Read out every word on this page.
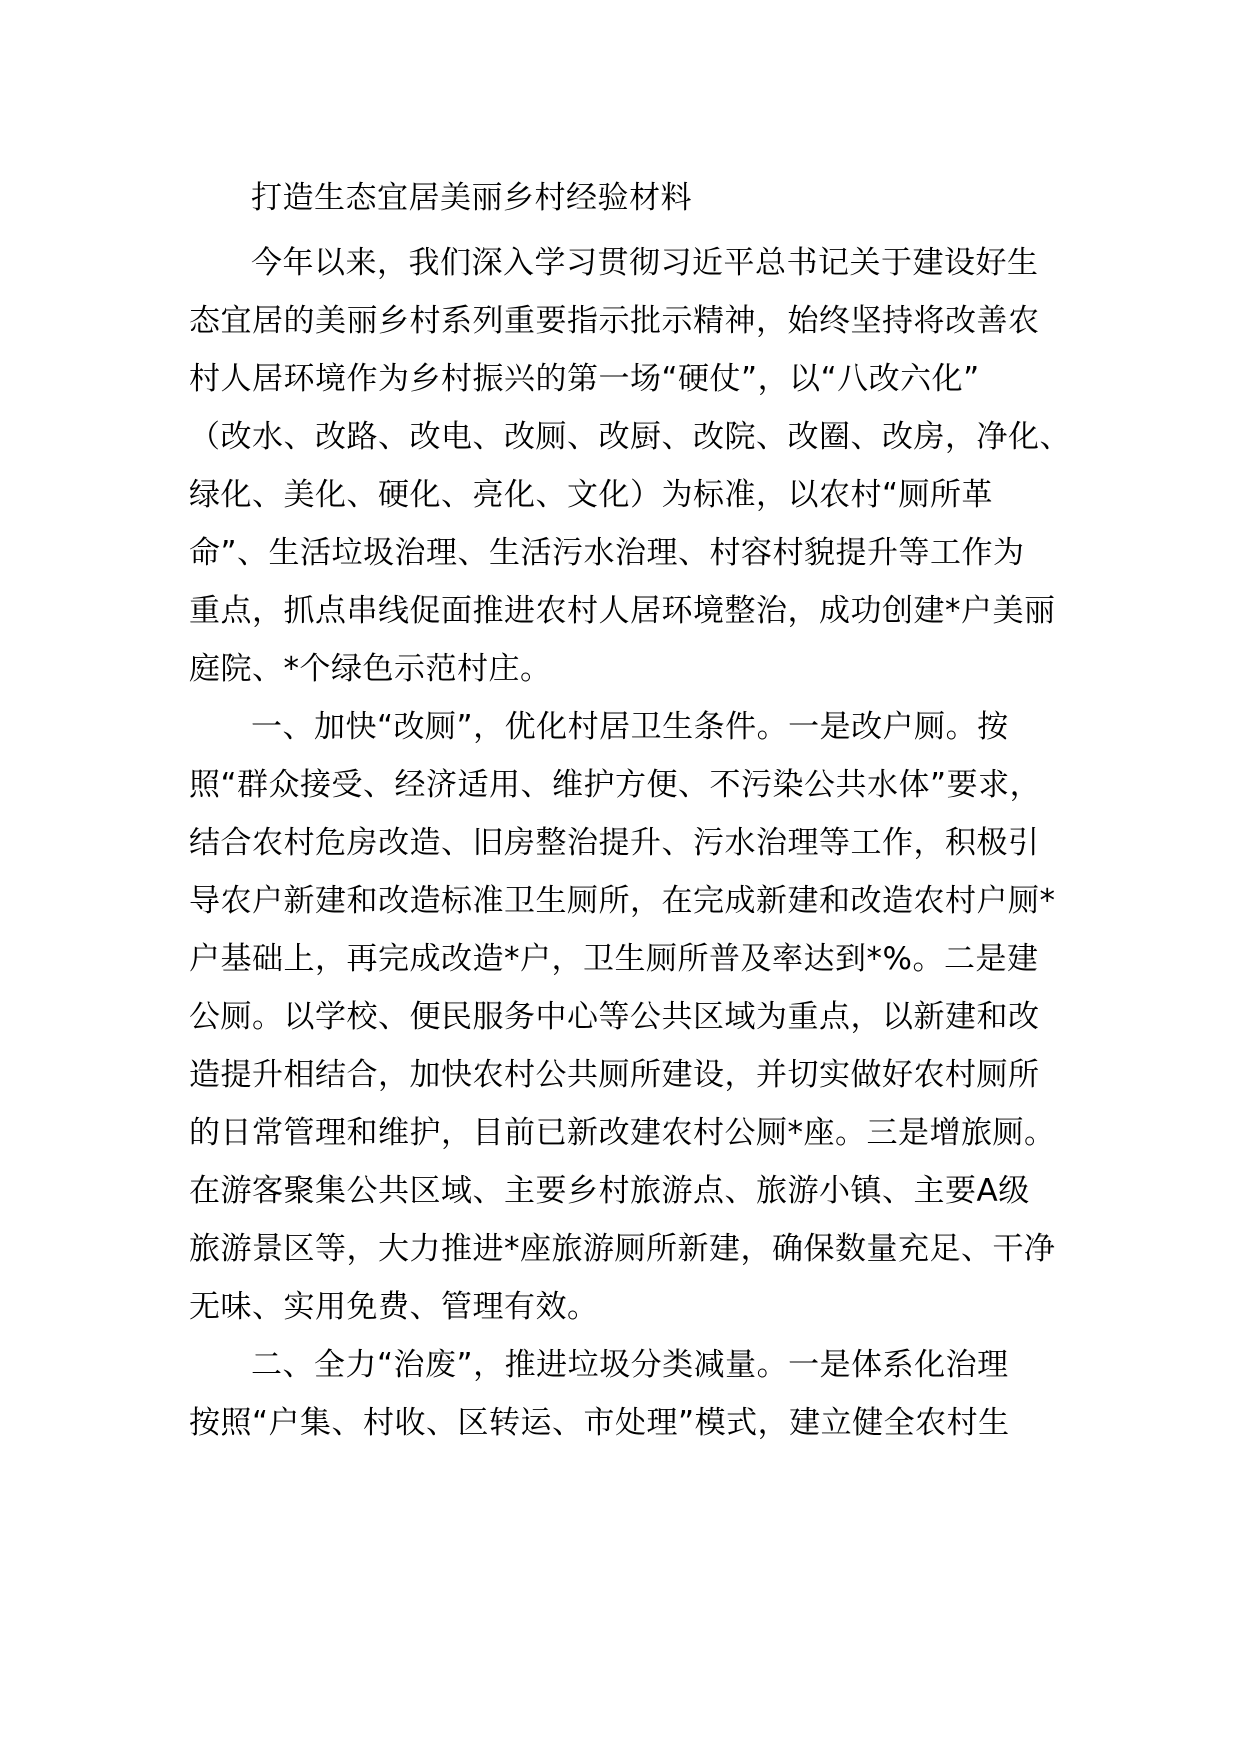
打造生态宜居美丽乡村经验材料
今年以来，我们深入学习贯彻习近平总书记关于建设好生
态宜居的美丽乡村系列重要指示批示精神，始终坚持将改善农
村人居环境作为乡村振兴的第一场“硬仗”，以“八改六化”
（改水、改路、改电、改厕、改厨、改院、改圈、改房，净化、
绿化、美化、硬化、亮化、文化）为标准，以农村“厕所革
命”、生活垃圾治理、生活污水治理、村容村貌提升等工作为
重点，抓点串线促面推进农村人居环境整治，成功创建*户美丽
庭院、*个绿色示范村庄。
一、加快“改厕”，优化村居卫生条件。一是改户厕。按
照“群众接受、经济适用、维护方便、不污染公共水体”要求，
结合农村危房改造、旧房整治提升、污水治理等工作，积极引
导农户新建和改造标准卫生厕所，在完成新建和改造农村户厕*
户基础上，再完成改造*户，卫生厕所普及率达到*%。二是建
公厕。以学校、便民服务中心等公共区域为重点，以新建和改
造提升相结合，加快农村公共厕所建设，并切实做好农村厕所
的日常管理和维护，目前已新改建农村公厕*座。三是增旅厕。
在游客聚集公共区域、主要乡村旅游点、旅游小镇、主要A级
旅游景区等，大力推进*座旅游厕所新建，确保数量充足、干净
无味、实用免费、管理有效。
二、全力“治废”，推进垃圾分类减量。一是体系化治理
按照“户集、村收、区转运、市处理”模式，建立健全农村生
